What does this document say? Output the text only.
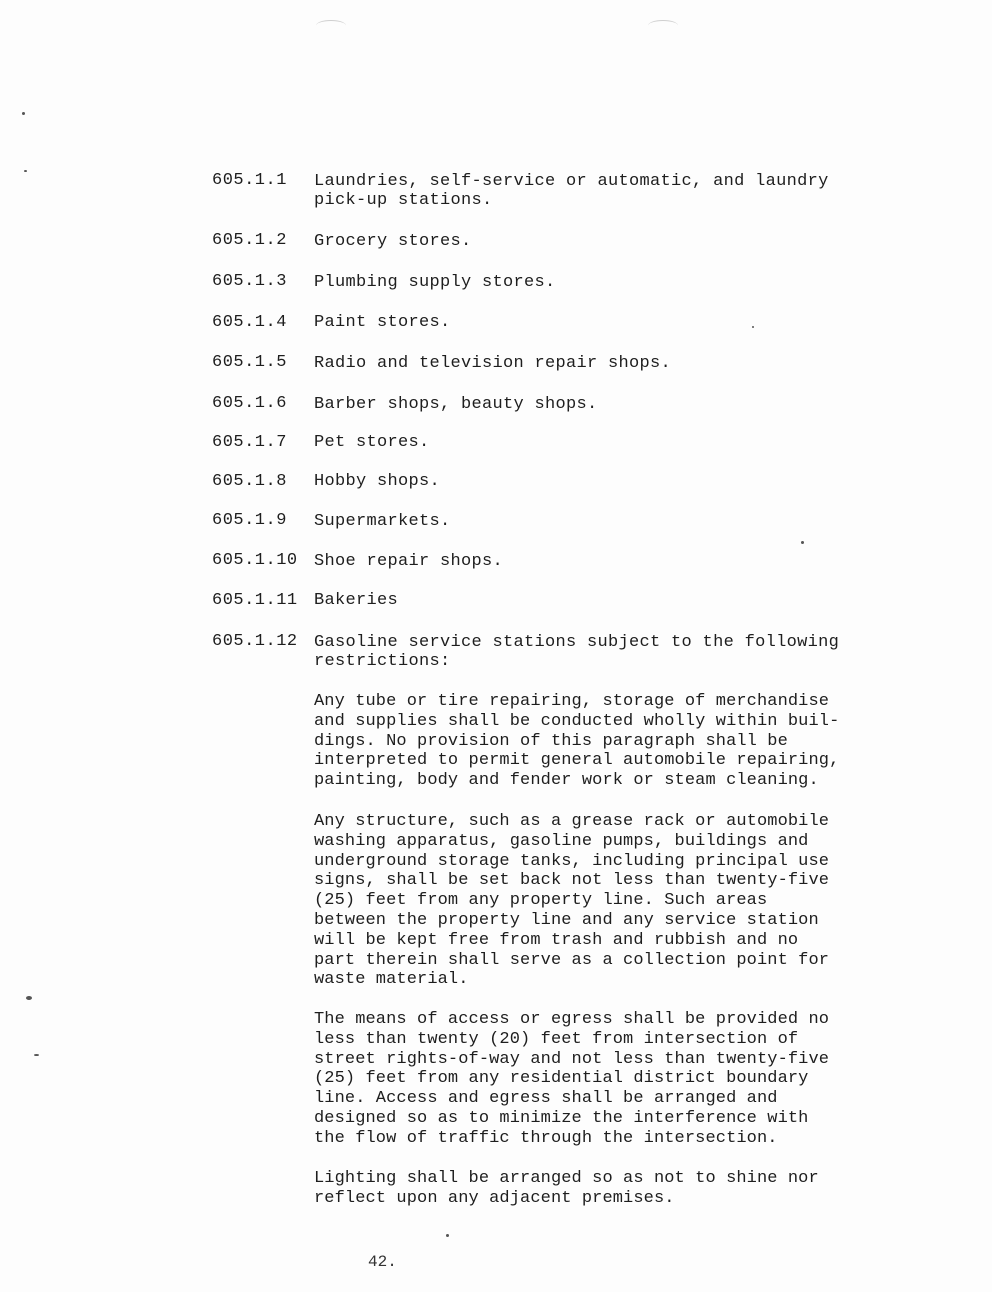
605.1.1 Laundries, self-service or automatic, and laundry
pick-up stations.
605.1.2 Grocery stores.
605.1.3 Plumbing supply stores.
605.1.4 Paint stores.
605.1.5 Radio and television repair shops.
605.1.6 Barber shops, beauty shops.
605.1.7 Pet stores.
605.1.8 Hobby shops.
605.1.9 Supermarkets.
605.1.10 Shoe repair shops.
605.1.11 Bakeries
605.1.12 Gasoline service stations subject to the following
restrictions:
Any tube or tire repairing, storage of merchandise
and supplies shall be conducted wholly within buil-
dings. No provision of this paragraph shall be
interpreted to permit general automobile repairing,
painting, body and fender work or steam cleaning.
Any structure, such as a grease rack or automobile
washing apparatus, gasoline pumps, buildings and
underground storage tanks, including principal use
signs, shall be set back not less than twenty-five
(25) feet from any property line. Such areas
between the property line and any service station
will be kept free from trash and rubbish and no
part therein shall serve as a collection point for
waste material.
The means of access or egress shall be provided no
less than twenty (20) feet from intersection of
street rights-of-way and not less than twenty-five
(25) feet from any residential district boundary
line. Access and egress shall be arranged and
designed so as to minimize the interference with
the flow of traffic through the intersection.
Lighting shall be arranged so as not to shine nor
reflect upon any adjacent premises.
42.
